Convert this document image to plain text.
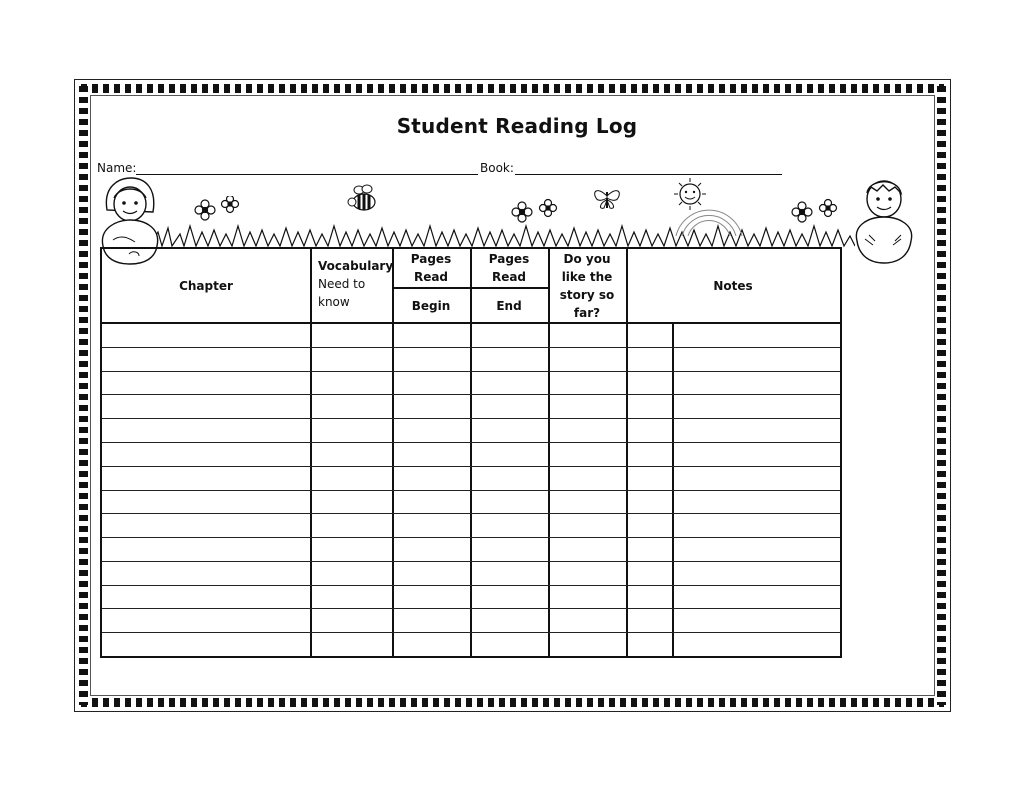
Student Reading Log
Name:	Book:
Chapter
Vocabulary
Need to
know
Pages
Read
Begin
Pages
Read
End
Do you
like the
story so
far?
Notes
